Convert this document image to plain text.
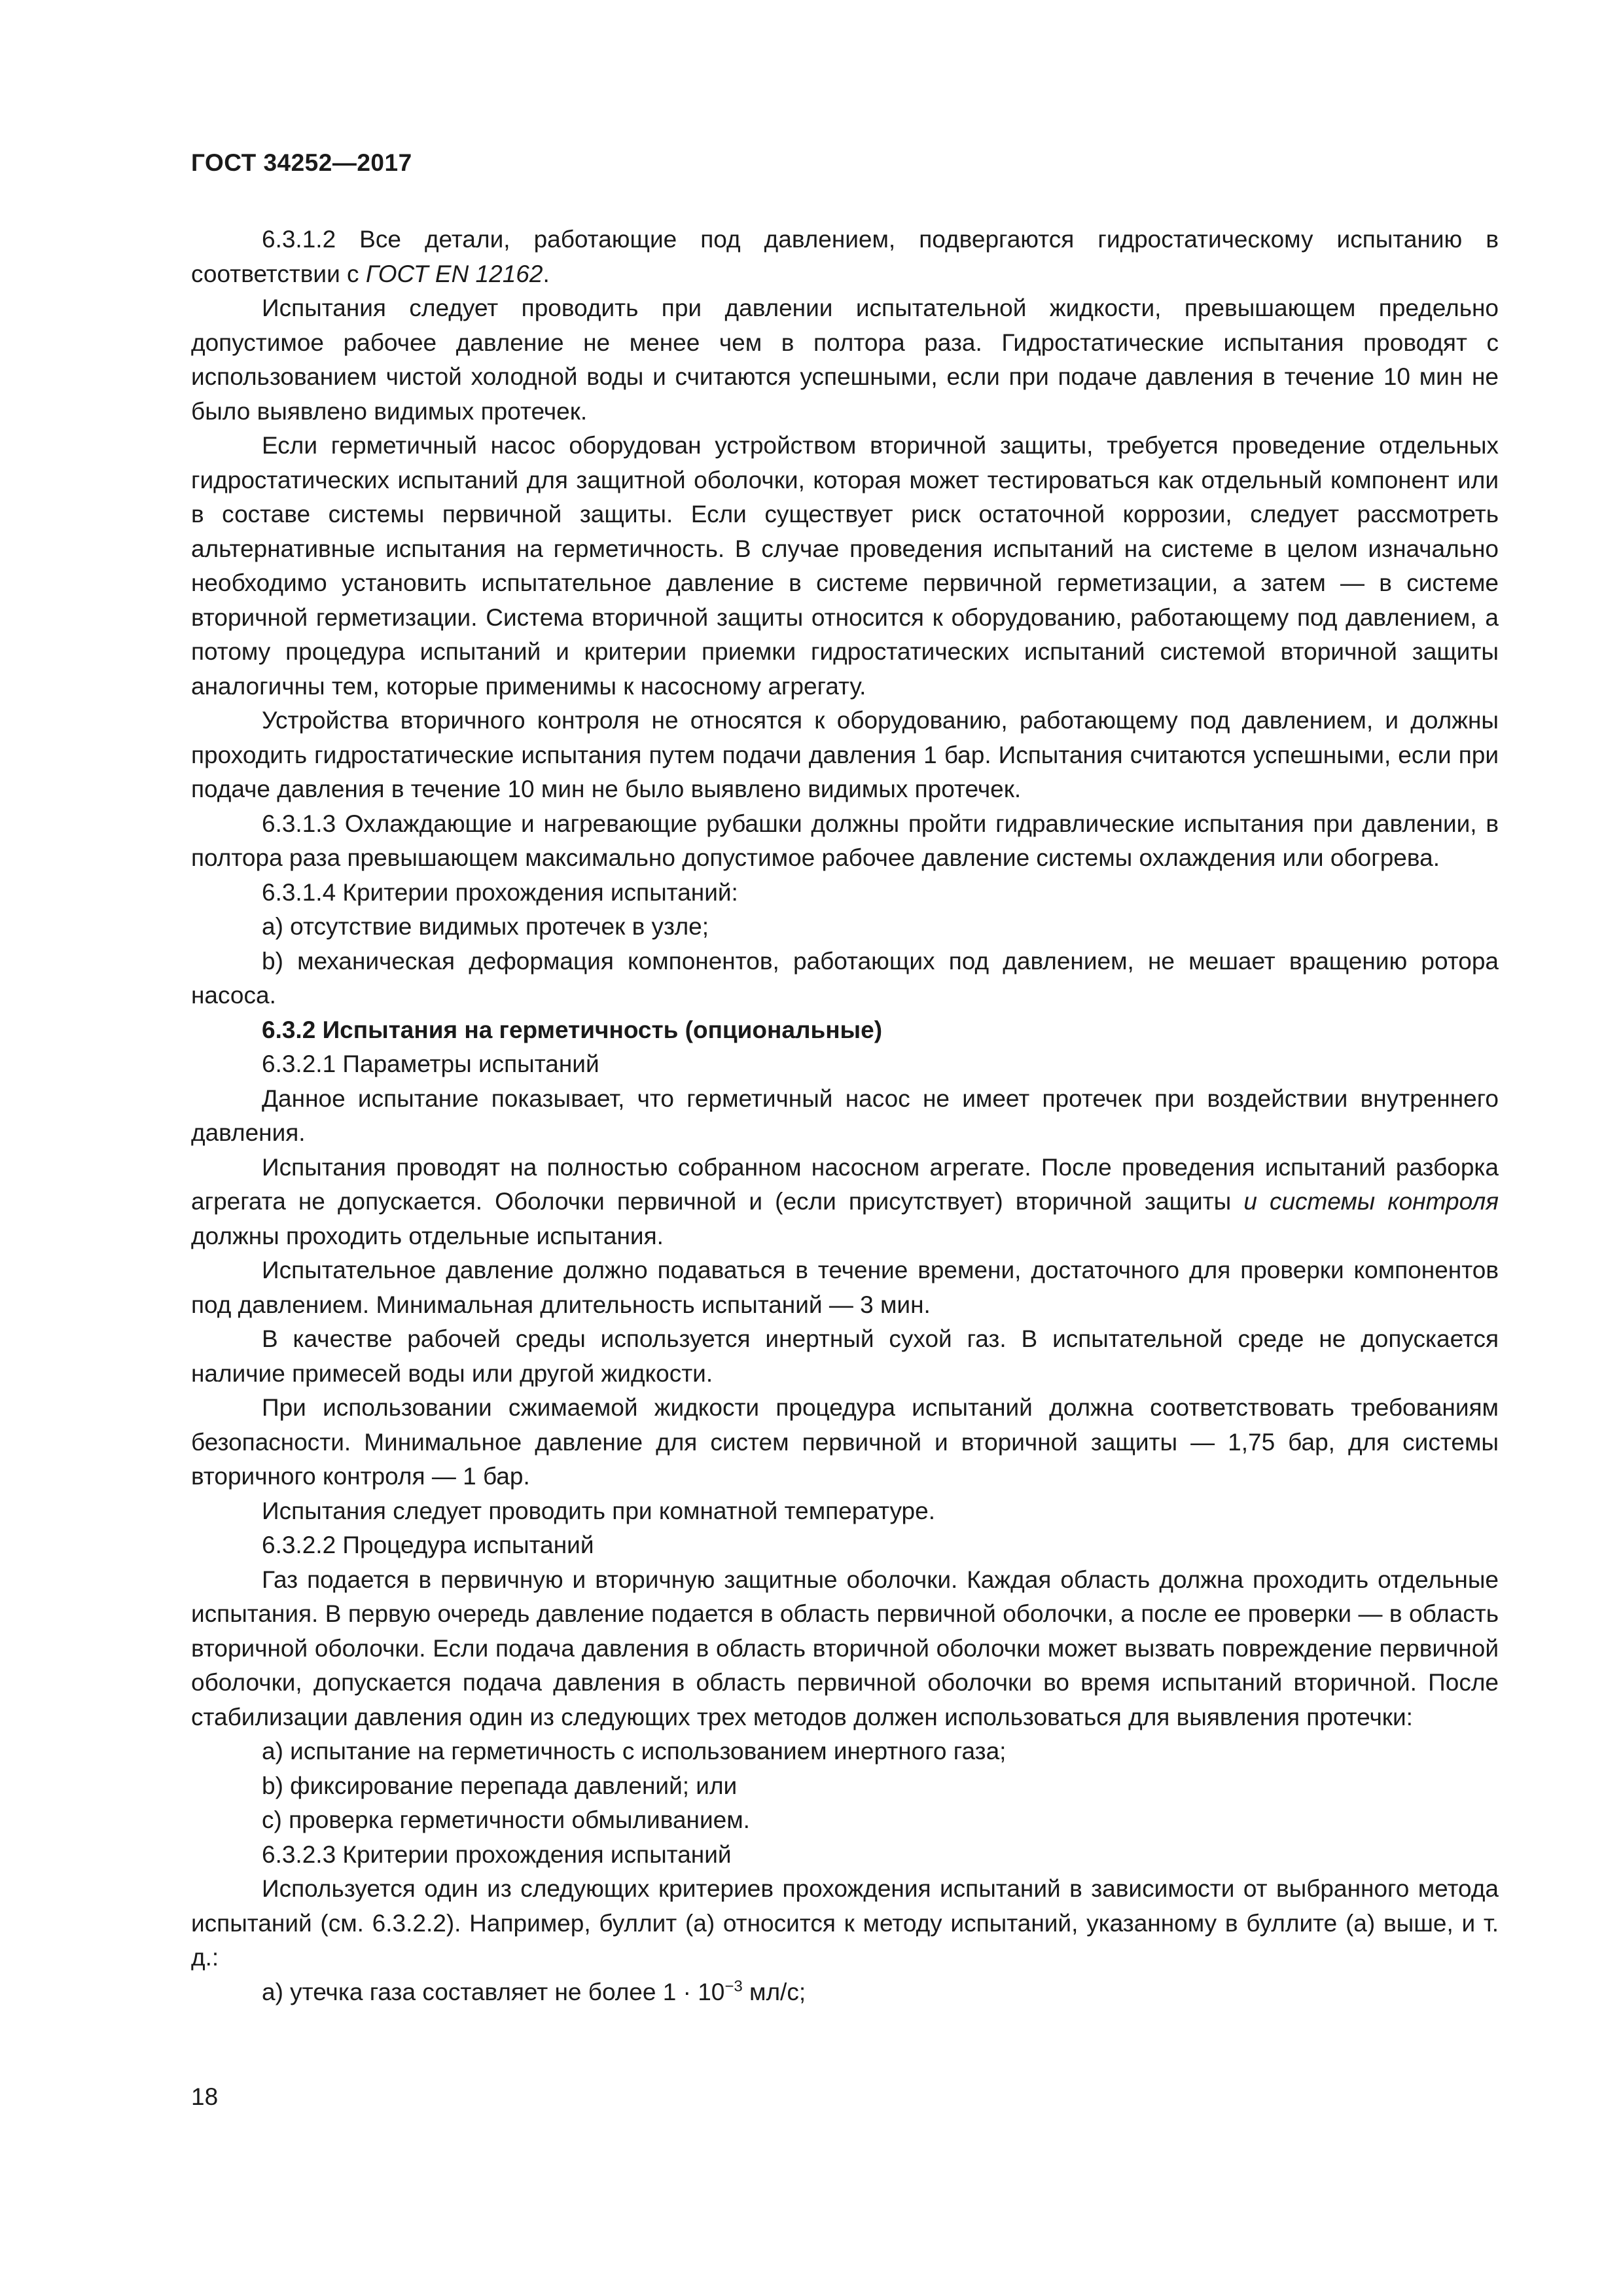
ГОСТ 34252—2017

6.3.1.2 Все детали, работающие под давлением, подвергаются гидростатическому испытанию в соответствии с ГОСТ EN 12162.

Испытания следует проводить при давлении испытательной жидкости, превышающем предельно допустимое рабочее давление не менее чем в полтора раза. Гидростатические испытания проводят с использованием чистой холодной воды и считаются успешными, если при подаче давления в течение 10 мин не было выявлено видимых протечек.

Если герметичный насос оборудован устройством вторичной защиты, требуется проведение отдельных гидростатических испытаний для защитной оболочки, которая может тестироваться как отдельный компонент или в составе системы первичной защиты. Если существует риск остаточной коррозии, следует рассмотреть альтернативные испытания на герметичность. В случае проведения испытаний на системе в целом изначально необходимо установить испытательное давление в системе первичной герметизации, а затем — в системе вторичной герметизации. Система вторичной защиты относится к оборудованию, работающему под давлением, а потому процедура испытаний и критерии приемки гидростатических испытаний системой вторичной защиты аналогичны тем, которые применимы к насосному агрегату.

Устройства вторичного контроля не относятся к оборудованию, работающему под давлением, и должны проходить гидростатические испытания путем подачи давления 1 бар. Испытания считаются успешными, если при подаче давления в течение 10 мин не было выявлено видимых протечек.

6.3.1.3 Охлаждающие и нагревающие рубашки должны пройти гидравлические испытания при давлении, в полтора раза превышающем максимально допустимое рабочее давление системы охлаждения или обогрева.

6.3.1.4 Критерии прохождения испытаний:

a) отсутствие видимых протечек в узле;

b) механическая деформация компонентов, работающих под давлением, не мешает вращению ротора насоса.

6.3.2 Испытания на герметичность (опциональные)

6.3.2.1 Параметры испытаний

Данное испытание показывает, что герметичный насос не имеет протечек при воздействии внутреннего давления.

Испытания проводят на полностью собранном насосном агрегате. После проведения испытаний разборка агрегата не допускается. Оболочки первичной и (если присутствует) вторичной защиты и системы контроля должны проходить отдельные испытания.

Испытательное давление должно подаваться в течение времени, достаточного для проверки компонентов под давлением. Минимальная длительность испытаний — 3 мин.

В качестве рабочей среды используется инертный сухой газ. В испытательной среде не допускается наличие примесей воды или другой жидкости.

При использовании сжимаемой жидкости процедура испытаний должна соответствовать требованиям безопасности. Минимальное давление для систем первичной и вторичной защиты — 1,75 бар, для системы вторичного контроля — 1 бар.

Испытания следует проводить при комнатной температуре.

6.3.2.2 Процедура испытаний

Газ подается в первичную и вторичную защитные оболочки. Каждая область должна проходить отдельные испытания. В первую очередь давление подается в область первичной оболочки, а после ее проверки — в область вторичной оболочки. Если подача давления в область вторичной оболочки может вызвать повреждение первичной оболочки, допускается подача давления в область первичной оболочки во время испытаний вторичной. После стабилизации давления один из следующих трех методов должен использоваться для выявления протечки:

a) испытание на герметичность с использованием инертного газа;

b) фиксирование перепада давлений; или

c) проверка герметичности обмыливанием.

6.3.2.3 Критерии прохождения испытаний

Используется один из следующих критериев прохождения испытаний в зависимости от выбранного метода испытаний (см. 6.3.2.2). Например, буллит (а) относится к методу испытаний, указанному в буллите (а) выше, и т. д.:

a) утечка газа составляет не более $1 \cdot 10^{-3}$ мл/с;

18
